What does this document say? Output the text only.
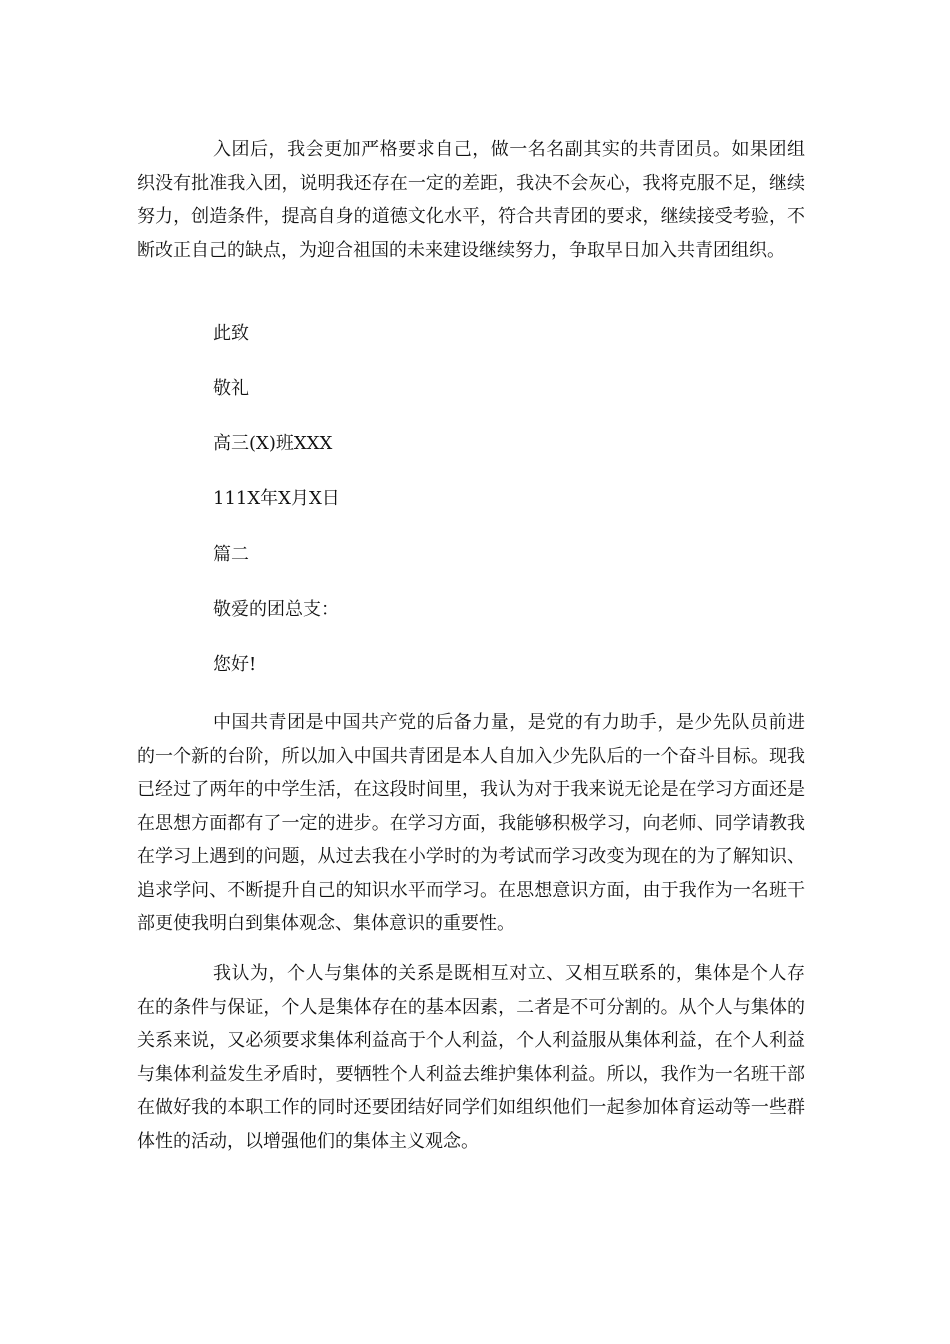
入团后，我会更加严格要求自己，做一名名副其实的共青团员。如果团组织没有批准我入团，说明我还存在一定的差距，我决不会灰心，我将克服不足，继续努力，创造条件，提高自身的道德文化水平，符合共青团的要求，继续接受考验，不断改正自己的缺点，为迎合祖国的未来建设继续努力，争取早日加入共青团组织。

此致

敬礼

高三(X)班XXX

111X年X月X日

篇二

敬爱的团总支：

您好!

中国共青团是中国共产党的后备力量，是党的有力助手，是少先队员前进的一个新的台阶，所以加入中国共青团是本人自加入少先队后的一个奋斗目标。现我已经过了两年的中学生活，在这段时间里，我认为对于我来说无论是在学习方面还是在思想方面都有了一定的进步。在学习方面，我能够积极学习，向老师、同学请教我在学习上遇到的问题，从过去我在小学时的为考试而学习改变为现在的为了解知识、追求学问、不断提升自己的知识水平而学习。在思想意识方面，由于我作为一名班干部更使我明白到集体观念、集体意识的重要性。

我认为，个人与集体的关系是既相互对立、又相互联系的，集体是个人存在的条件与保证，个人是集体存在的基本因素，二者是不可分割的。从个人与集体的关系来说，又必须要求集体利益高于个人利益，个人利益服从集体利益，在个人利益与集体利益发生矛盾时，要牺牲个人利益去维护集体利益。所以，我作为一名班干部在做好我的本职工作的同时还要团结好同学们如组织他们一起参加体育运动等一些群体性的活动，以增强他们的集体主义观念。
